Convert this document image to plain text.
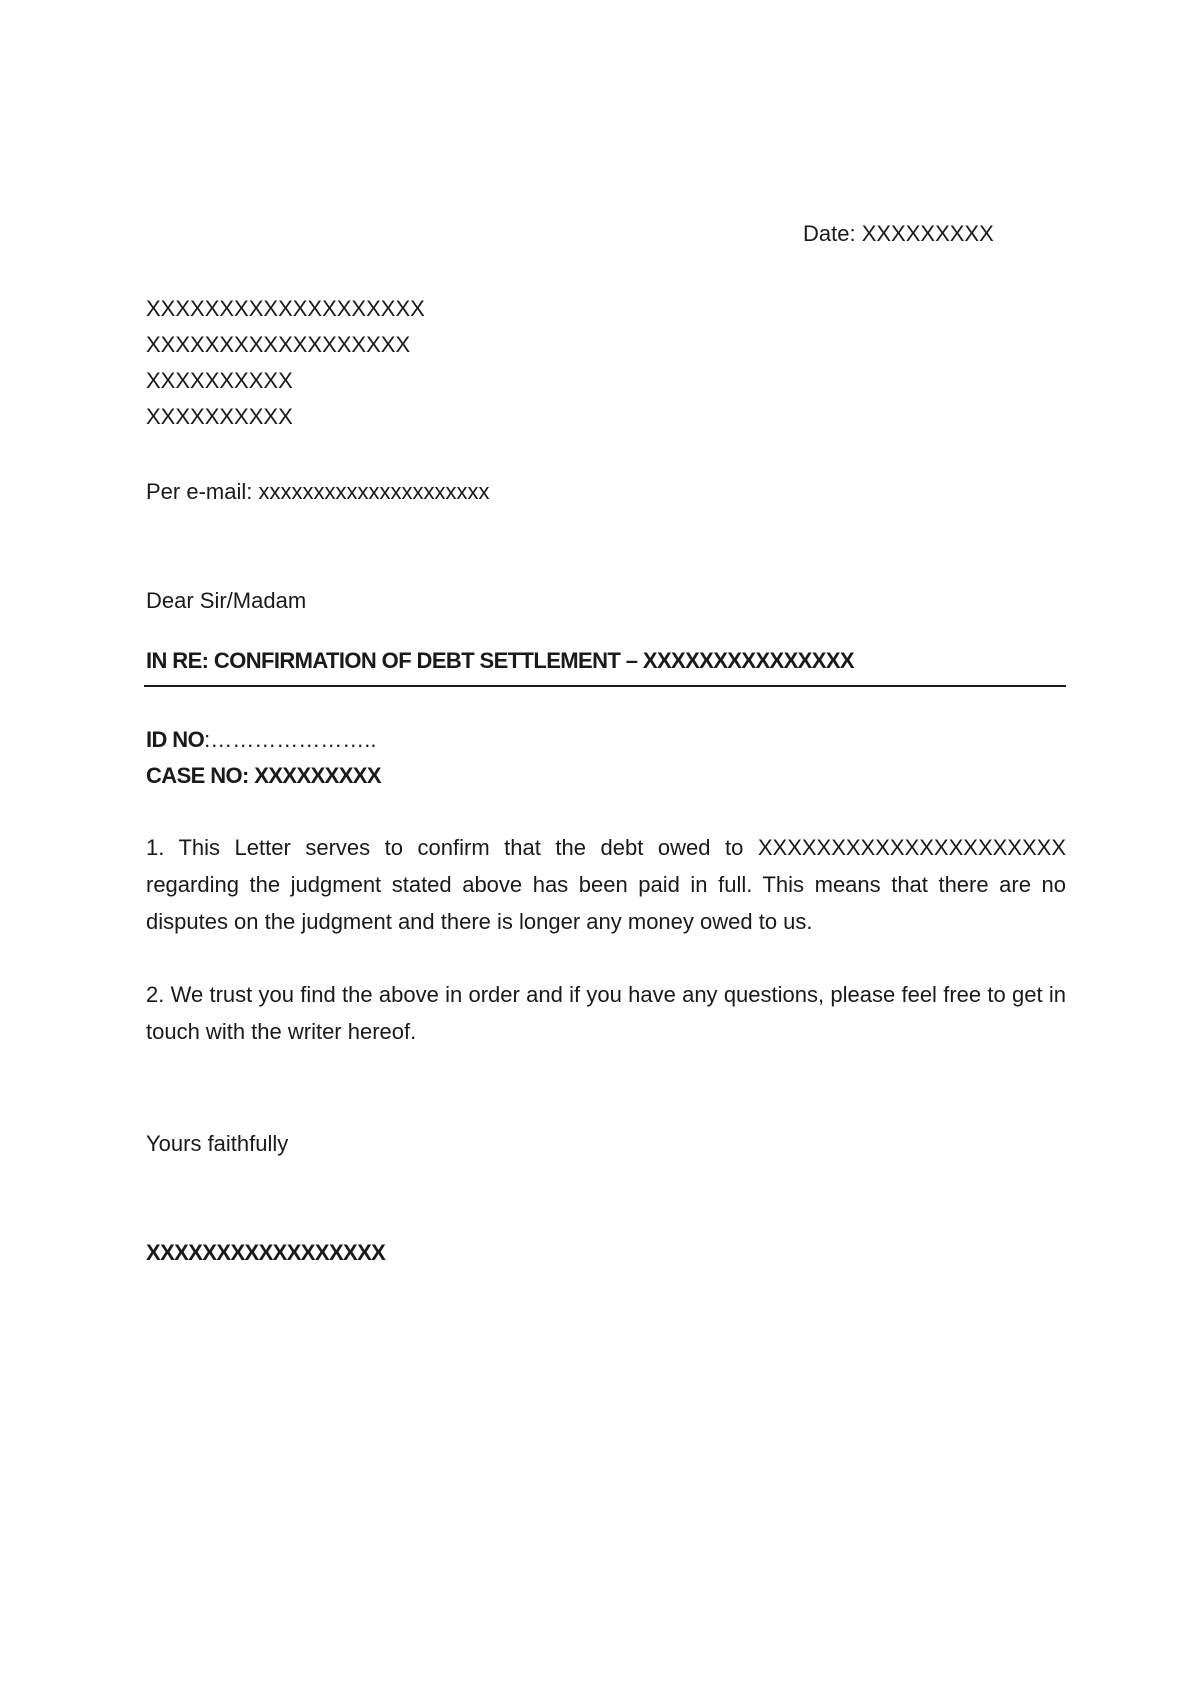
Date: XXXXXXXXX
XXXXXXXXXXXXXXXXXXX
XXXXXXXXXXXXXXXXXX
XXXXXXXXXX
XXXXXXXXXX
Per e-mail: xxxxxxxxxxxxxxxxxxxxx
Dear Sir/Madam
IN RE: CONFIRMATION OF DEBT SETTLEMENT – XXXXXXXXXXXXXXX
ID NO:…………………..
CASE NO: XXXXXXXXX
1. This Letter serves to confirm that the debt owed to XXXXXXXXXXXXXXXXXXXXX regarding the judgment stated above has been paid in full. This means that there are no disputes on the judgment and there is longer any money owed to us.
2. We trust you find the above in order and if you have any questions, please feel free to get in touch with the writer hereof.
Yours faithfully
XXXXXXXXXXXXXXXXX
